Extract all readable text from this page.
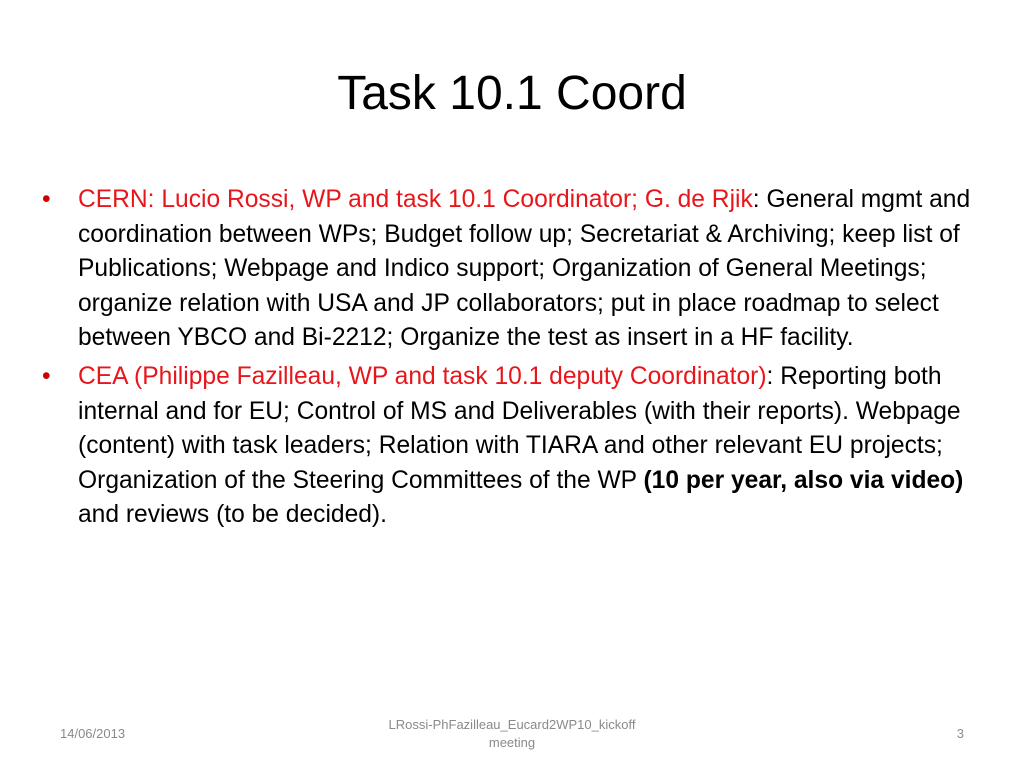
Task 10.1 Coord
• CERN: Lucio Rossi, WP and task 10.1 Coordinator; G. de Rjik: General mgmt and coordination between WPs; Budget follow up; Secretariat & Archiving; keep list of Publications; Webpage and Indico support; Organization of General Meetings; organize relation with USA and JP collaborators; put in place roadmap to select between YBCO and Bi-2212; Organize the test as insert in a HF facility.
• CEA (Philippe Fazilleau, WP and task 10.1 deputy Coordinator): Reporting both internal and for EU; Control of MS and Deliverables (with their reports). Webpage (content) with task leaders; Relation with TIARA and other relevant EU projects; Organization of the Steering Committees of the WP (10 per year, also via video) and reviews (to be decided).
14/06/2013
LRossi-PhFazilleau_Eucard2WP10_kickoff
meeting
3
